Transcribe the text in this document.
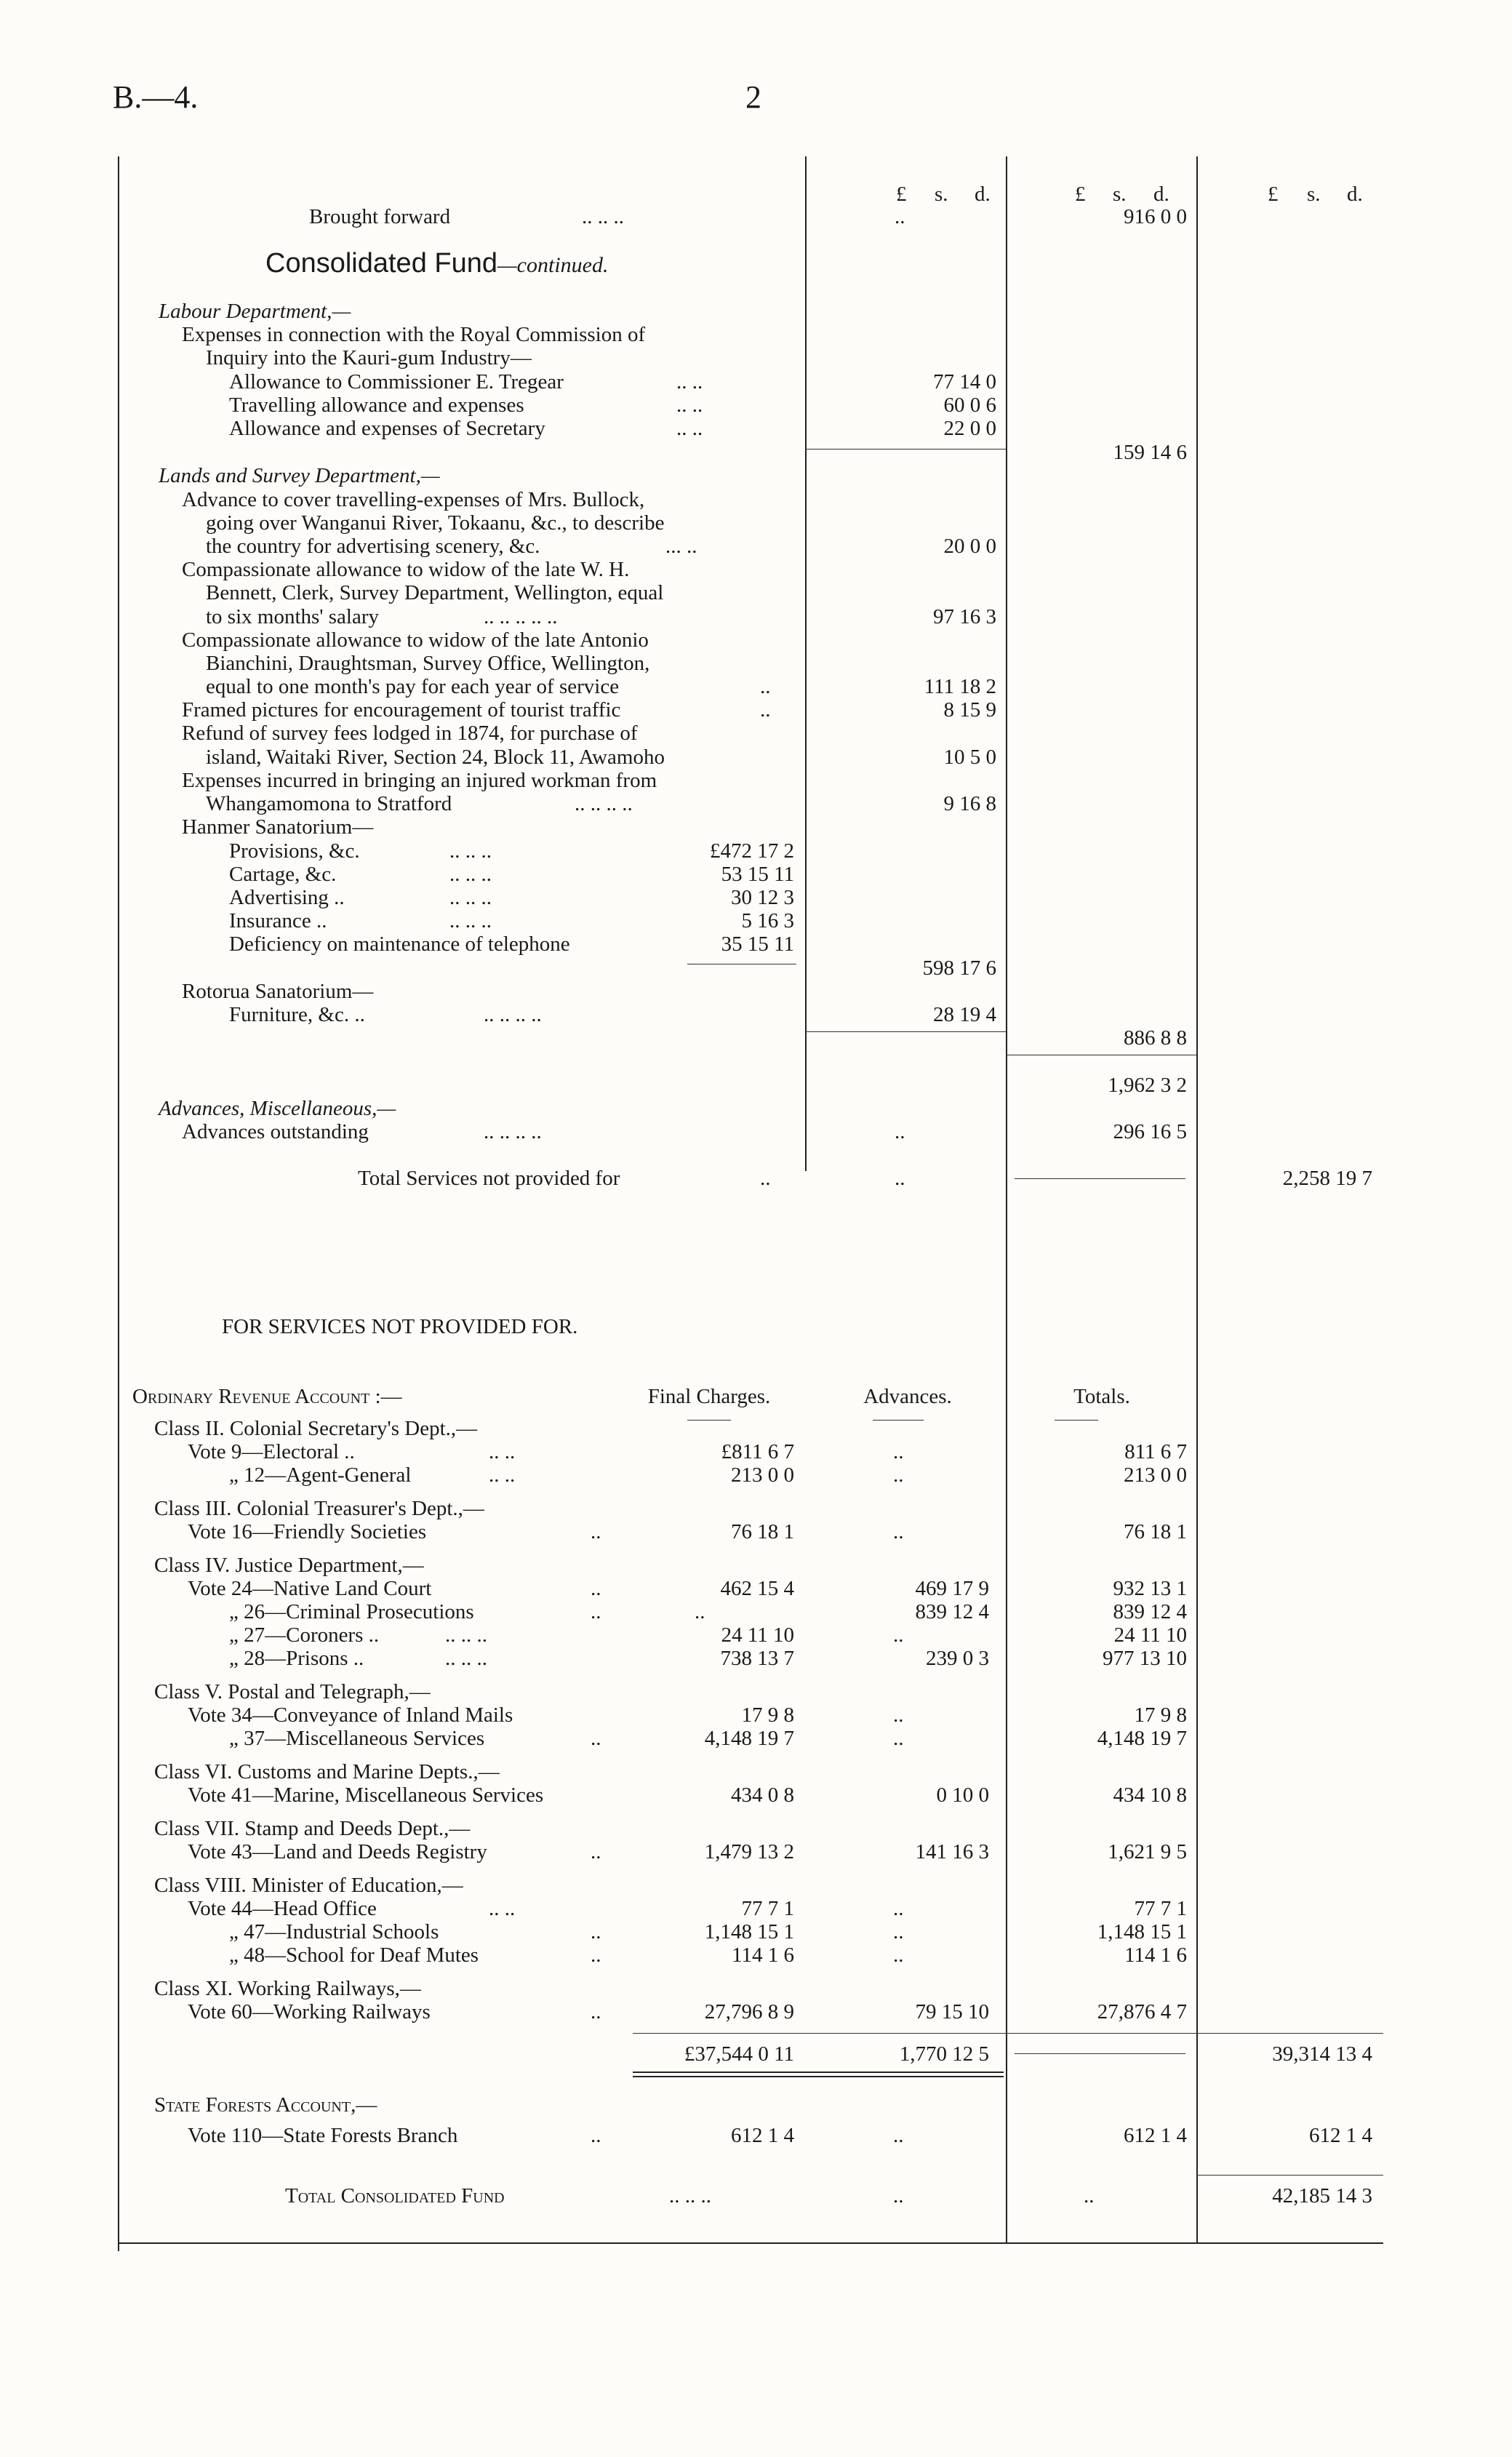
B.—4.	2
£ s. d.	£ s. d.	£ s. d.
Brought forward	.. .. ..	..	916 0 0
Consolidated Fund—continued.
Labour Department,—
Expenses in connection with the Royal Commission of
Inquiry into the Kauri-gum Industry—
Allowance to Commissioner E. Tregear	.. ..	77 14 0
Travelling allowance and expenses	.. ..	60 0 6
Allowance and expenses of Secretary	.. ..	22 0 0
159 14 6
Lands and Survey Department,—
Advance to cover travelling-expenses of Mrs. Bullock,
going over Wanganui River, Tokaanu, &c., to describe
the country for advertising scenery, &c.	... ..	20 0 0
Compassionate allowance to widow of the late W. H.
Bennett, Clerk, Survey Department, Wellington, equal
to six months' salary	.. .. .. .. ..	97 16 3
Compassionate allowance to widow of the late Antonio
Bianchini, Draughtsman, Survey Office, Wellington,
equal to one month's pay for each year of service	..	111 18 2
Framed pictures for encouragement of tourist traffic	..	8 15 9
Refund of survey fees lodged in 1874, for purchase of
island, Waitaki River, Section 24, Block 11, Awamoho	10 5 0
Expenses incurred in bringing an injured workman from
Whangamomona to Stratford	.. .. .. ..	9 16 8
Hanmer Sanatorium—
Provisions, &c.	.. .. ..	£472 17 2
Cartage, &c.	.. .. ..	53 15 11
Advertising ..	.. .. ..	30 12 3
Insurance ..	.. .. ..	5 16 3
Deficiency on maintenance of telephone	35 15 11
598 17 6
Rotorua Sanatorium—
Furniture, &c. ..	.. .. .. ..	28 19 4
886 8 8
1,962 3 2
Advances, Miscellaneous,—
Advances outstanding	.. .. .. ..	..	296 16 5
Total Services not provided for	..	..	2,258 19 7
FOR SERVICES NOT PROVIDED FOR.
Ordinary Revenue Account :—	Final Charges.	Advances.	Totals.
Class II. Colonial Secretary's Dept.,—
Vote 9—Electoral ..	.. ..	£811 6 7	..	811 6 7
„ 12—Agent-General	.. ..	213 0 0	..	213 0 0
Class III. Colonial Treasurer's Dept.,—
Vote 16—Friendly Societies	..	76 18 1	..	76 18 1
Class IV. Justice Department,—
Vote 24—Native Land Court	..	462 15 4	469 17 9	932 13 1
„ 26—Criminal Prosecutions	..	..	839 12 4	839 12 4
„ 27—Coroners ..	.. .. ..	24 11 10	..	24 11 10
„ 28—Prisons ..	.. .. ..	738 13 7	239 0 3	977 13 10
Class V. Postal and Telegraph,—
Vote 34—Conveyance of Inland Mails	17 9 8	..	17 9 8
„ 37—Miscellaneous Services	..	4,148 19 7	..	4,148 19 7
Class VI. Customs and Marine Depts.,—
Vote 41—Marine, Miscellaneous Services	434 0 8	0 10 0	434 10 8
Class VII. Stamp and Deeds Dept.,—
Vote 43—Land and Deeds Registry	..	1,479 13 2	141 16 3	1,621 9 5
Class VIII. Minister of Education,—
Vote 44—Head Office	.. ..	77 7 1	..	77 7 1
„ 47—Industrial Schools	..	1,148 15 1	..	1,148 15 1
„ 48—School for Deaf Mutes	..	114 1 6	..	114 1 6
Class XI. Working Railways,—
Vote 60—Working Railways	..	27,796 8 9	79 15 10	27,876 4 7
£37,544 0 11	1,770 12 5	39,314 13 4
State Forests Account,—
Vote 110—State Forests Branch	..	612 1 4	..	612 1 4	612 1 4
Total Consolidated Fund	.. .. ..	..	..	42,185 14 3
